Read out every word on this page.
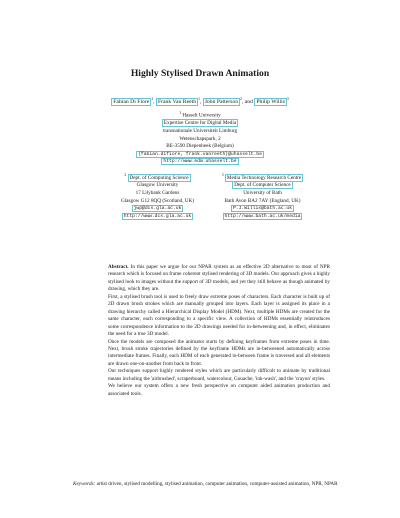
Highly Stylised Drawn Animation
Fabian Di Fiore $^1$, Frank Van Reeth $^1$, John Patterson $^2$, and Philip Willis $^3$
$^1$ Hasselt University
Expertise Centre for Digital Media
transnationale Universiteit Limburg
Wetenschapspark, 2
BE-3590 Diepenbeek (Belgium)
{fabian.difiore, frank.vanreeth}@uhasselt.be
http://www.edm.uhasselt.be
$^2$ Dept. of Computing Science
Glasgow University
17 Lilybank Gardens
Glasgow G12 8QQ (Scotland, UK)
jwp@dcs.gla.ac.uk
http://www.dcs.gla.ac.uk
$^3$ Media Technology Research Centre
Dept. of Computer Science
University of Bath
Bath Avon BA2 7AY (England, UK)
P.J.Willis@bath.ac.uk
http://www.bath.ac.uk/media

Abstract. In this paper we argue for our NPAR system as an effective 2D alternative to most of NPR research which is focused on frame coherent stylised rendering of 3D models. Our approach gives a highly stylised look to images without the support of 3D models, and yet they still behave as though animated by drawing, which they are.

First, a stylised brush tool is used to freely draw extreme poses of characters. Each character is built up of 2D drawn brush strokes which are manually grouped into layers. Each layer is assigned its place in a drawing hierarchy called a Hierarchical Display Model (HDM). Next, multiple HDMs are created for the same character, each corresponding to a specific view. A collection of HDMs essentially reintroduces some correspondence information to the 2D drawings needed for in-betweening and, in effect, eliminates the need for a true 3D model.

Once the models are composed the animator starts by defining keyframes from extreme poses in time. Next, brush stroke trajectories defined by the keyframe HDMs are in-betweened automatically across intermediate frames. Finally, each HDM of each generated in-between frame is traversed and all elements are drawn one-on-another from back to front.

Our techniques support highly rendered styles which are particularly difficult to animate by traditional means including the 'airbrushed', scraperboard, watercolour, Gouache, 'ink-wash', and the 'crayon' styles.

We believe our system offers a new fresh perspective on computer aided animation production and associated tools.

Keywords: artist driven, stylised modelling, stylised animation, computer animation, computer-assisted animation, NPR, NPAR
